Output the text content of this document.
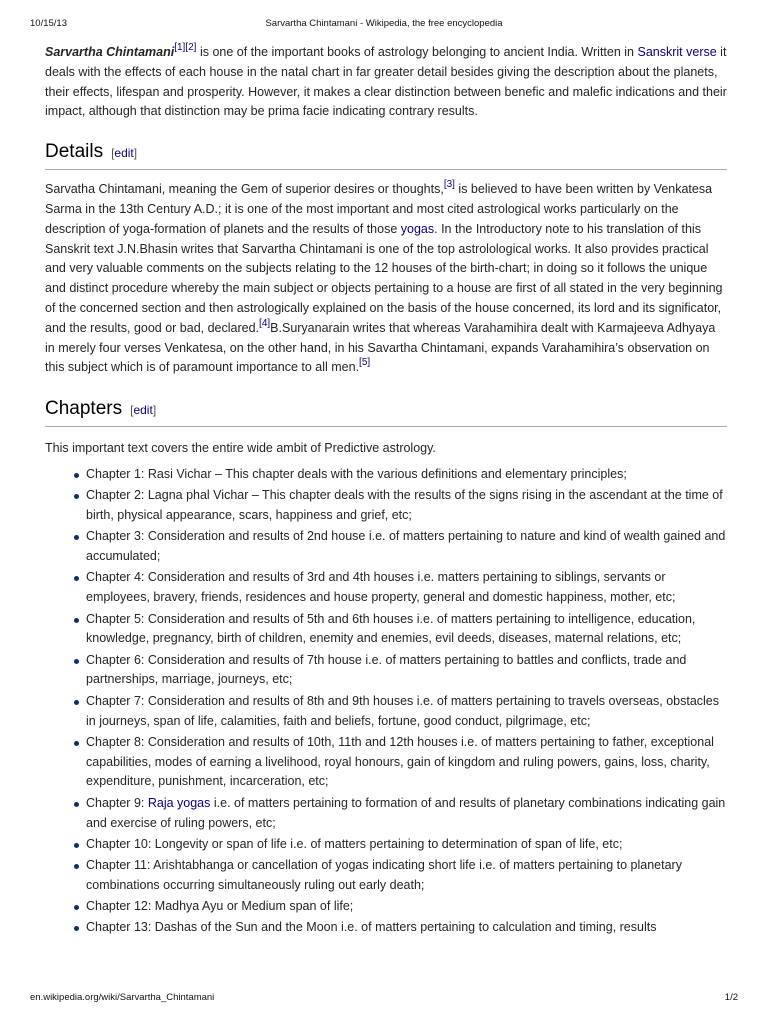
10/15/13	Sarvartha Chintamani - Wikipedia, the free encyclopedia

Sarvartha Chintamani[1][2] is one of the important books of astrology belonging to ancient India. Written in Sanskrit verse it deals with the effects of each house in the natal chart in far greater detail besides giving the description about the planets, their effects, lifespan and prosperity. However, it makes a clear distinction between benefic and malefic indications and their impact, although that distinction may be prima facie indicating contrary results.

Details [edit]

Sarvatha Chintamani, meaning the Gem of superior desires or thoughts,[3] is believed to have been written by Venkatesa Sarma in the 13th Century A.D.; it is one of the most important and most cited astrological works particularly on the description of yoga-formation of planets and the results of those yogas. In the Introductory note to his translation of this Sanskrit text J.N.Bhasin writes that Sarvartha Chintamani is one of the top astrolological works. It also provides practical and very valuable comments on the subjects relating to the 12 houses of the birth-chart; in doing so it follows the unique and distinct procedure whereby the main subject or objects pertaining to a house are first of all stated in the very beginning of the concerned section and then astrologically explained on the basis of the house concerned, its lord and its significator, and the results, good or bad, declared.[4]B.Suryanarain writes that whereas Varahamihira dealt with Karmajeeva Adhyaya in merely four verses Venkatesa, on the other hand, in his Savartha Chintamani, expands Varahamihira’s observation on this subject which is of paramount importance to all men.[5]

Chapters [edit]

This important text covers the entire wide ambit of Predictive astrology.

Chapter 1: Rasi Vichar – This chapter deals with the various definitions and elementary principles;
Chapter 2: Lagna phal Vichar – This chapter deals with the results of the signs rising in the ascendant at the time of birth, physical appearance, scars, happiness and grief, etc;
Chapter 3: Consideration and results of 2nd house i.e. of matters pertaining to nature and kind of wealth gained and accumulated;
Chapter 4: Consideration and results of 3rd and 4th houses i.e. matters pertaining to siblings, servants or employees, bravery, friends, residences and house property, general and domestic happiness, mother, etc;
Chapter 5: Consideration and results of 5th and 6th houses i.e. of matters pertaining to intelligence, education, knowledge, pregnancy, birth of children, enemity and enemies, evil deeds, diseases, maternal relations, etc;
Chapter 6: Consideration and results of 7th house i.e. of matters pertaining to battles and conflicts, trade and partnerships, marriage, journeys, etc;
Chapter 7: Consideration and results of 8th and 9th houses i.e. of matters pertaining to travels overseas, obstacles in journeys, span of life, calamities, faith and beliefs, fortune, good conduct, pilgrimage, etc;
Chapter 8: Consideration and results of 10th, 11th and 12th houses i.e. of matters pertaining to father, exceptional capabilities, modes of earning a livelihood, royal honours, gain of kingdom and ruling powers, gains, loss, charity, expenditure, punishment, incarceration, etc;
Chapter 9: Raja yogas i.e. of matters pertaining to formation of and results of planetary combinations indicating gain and exercise of ruling powers, etc;
Chapter 10: Longevity or span of life i.e. of matters pertaining to determination of span of life, etc;
Chapter 11: Arishtabhanga or cancellation of yogas indicating short life i.e. of matters pertaining to planetary combinations occurring simultaneously ruling out early death;
Chapter 12: Madhya Ayu or Medium span of life;
Chapter 13: Dashas of the Sun and the Moon i.e. of matters pertaining to calculation and timing, results
en.wikipedia.org/wiki/Sarvartha_Chintamani	1/2
